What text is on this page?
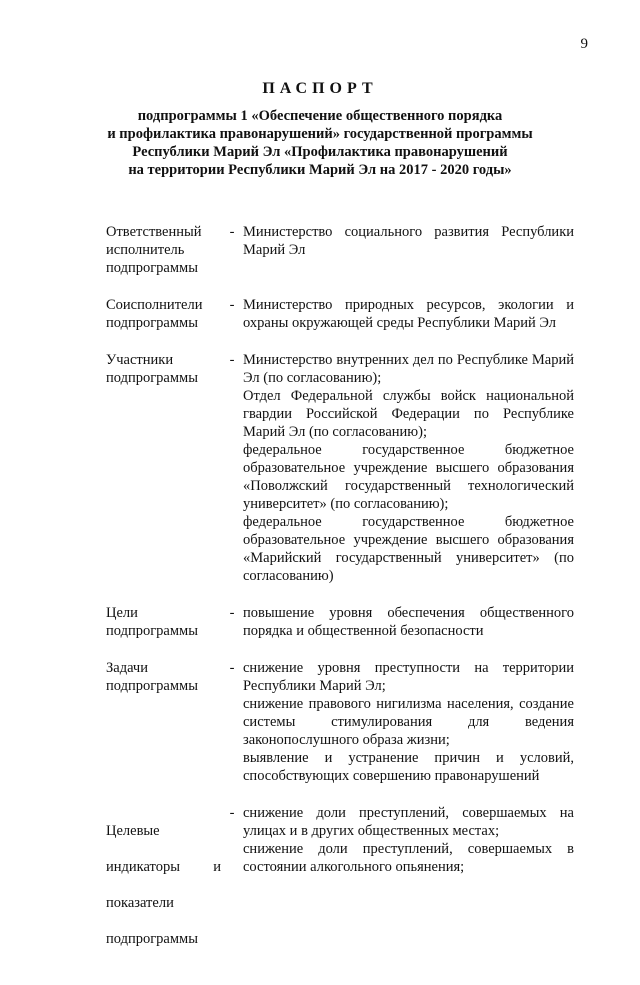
9
ПАСПОРТ
подпрограммы 1 «Обеспечение общественного порядка
и профилактика правонарушений» государственной программы
Республики Марий Эл «Профилактика правонарушений
на территории Республики Марий Эл на 2017 - 2020 годы»
Ответственный
исполнитель
подпрограммы
- Министерство социального развития Республики Марий Эл
Соисполнители
подпрограммы
- Министерство природных ресурсов, экологии и охраны окружающей среды Республики Марий Эл
Участники
подпрограммы
- Министерство внутренних дел по Республике Марий Эл (по согласованию);
Отдел Федеральной службы войск национальной гвардии Российской Федерации по Республике Марий Эл (по согласованию);
федеральное государственное бюджетное образовательное учреждение высшего образования «Поволжский государственный технологический университет» (по согласованию);
федеральное государственное бюджетное образовательное учреждение высшего образования «Марийский государственный университет» (по согласованию)
Цели
подпрограммы
- повышение уровня обеспечения общественного порядка и общественной безопасности
Задачи
подпрограммы
- снижение уровня преступности на территории Республики Марий Эл;
снижение правового нигилизма населения, создание системы стимулирования для ведения законопослушного образа жизни;
выявление и устранение причин и условий, способствующих совершению правонарушений

Целевые

индикаторы и

показатели

подпрограммы

- снижение доли преступлений, совершаемых на улицах и в других общественных местах;
снижение доли преступлений, совершаемых в состоянии алкогольного опьянения;
